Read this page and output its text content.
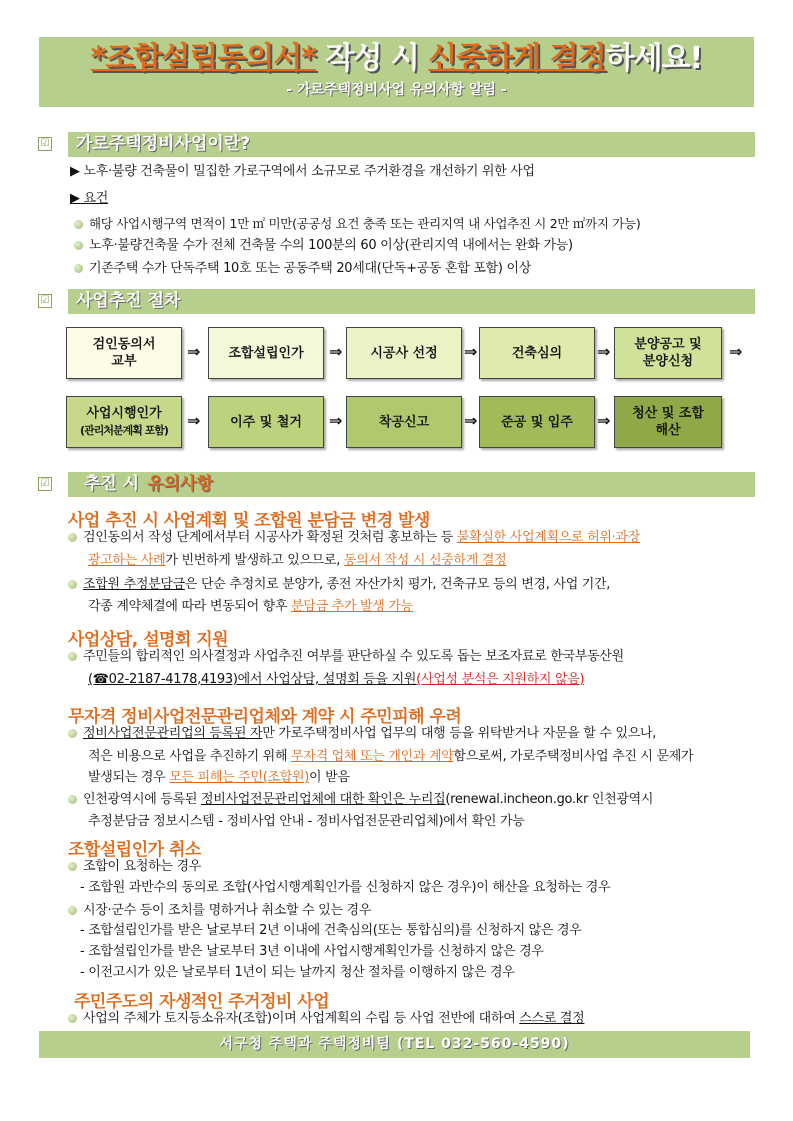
*조합설립동의서* 작성 시 신중하게 결정하세요!
- 가로주택정비사업 유의사항 알림 -
☑	가로주택정비사업이란?
▶ 노후·불량 건축물이 밀집한 가로구역에서 소규모로 주거환경을 개선하기 위한 사업
▶ 요건
해당 사업시행구역 면적이 1만 ㎡ 미만(공공성 요건 충족 또는 관리지역 내 사업추진 시 2만 ㎡까지 가능)
노후·불량건축물 수가 전체 건축물 수의 100분의 60 이상(관리지역 내에서는 완화 가능)
기존주택 수가 단독주택 10호 또는 공동주택 20세대(단독+공동 혼합 포함) 이상
☑	사업추진 절차
검인동의서
교부
⇒ 조합설립인가 ⇒ 시공사 선정 ⇒	건축심의 ⇒ 분양공고 및
분양신청
⇒
사업시행인가
(관리처분계획 포함)
⇒ 이주 및 철거 ⇒	착공신고 ⇒ 준공 및 입주 ⇒ 청산 및 조합
해산
☑	추진 시유의사항
사업 추진 시 사업계획 및 조합원 분담금 변경 발생
검인동의서 작성 단계에서부터 시공사가 확정된 것처럼 홍보하는 등 불확실한 사업계획으로 허위·과장
광고하는 사례가 빈번하게 발생하고 있으므로, 동의서 작성 시 신중하게 결정
조합원 추정분담금은 단순 추정치로 분양가, 종전 자산가치 평가, 건축규모 등의 변경, 사업 기간,
각종 계약체결에 따라 변동되어 향후 분담금 추가 발생 가능
사업상담, 설명회 지원
주민들의 합리적인 의사결정과 사업추진 여부를 판단하실 수 있도록 돕는 보조자료로 한국부동산원
(☎02-2187-4178,4193)에서 사업상담, 설명회 등을 지원(사업성 분석은 지원하지 않음)
무자격 정비사업전문관리업체와 계약 시 주민피해 우려
정비사업전문관리업의 등록된 자만 가로주택정비사업 업무의 대행 등을 위탁받거나 자문을 할 수 있으나,
적은 비용으로 사업을 추진하기 위해 무자격 업체 또는 개인과 계약함으로써, 가로주택정비사업 추진 시 문제가
발생되는 경우 모든 피해는 주민(조합원)이 받음
인천광역시에 등록된 정비사업전문관리업체에 대한 확인은 누리집(renewal.incheon.go.kr 인천광역시
추정분담금 정보시스템 - 정비사업 안내 - 정비사업전문관리업체)에서 확인 가능
조합설립인가 취소
조합이 요청하는 경우
- 조합원 과반수의 동의로 조합(사업시행계획인가를 신청하지 않은 경우)이 해산을 요청하는 경우
시장·군수 등이 조치를 명하거나 취소할 수 있는 경우
- 조합설립인가를 받은 날로부터 2년 이내에 건축심의(또는 통합심의)를 신청하지 않은 경우
- 조합설립인가를 받은 날로부터 3년 이내에 사업시행계획인가를 신청하지 않은 경우
- 이전고시가 있은 날로부터 1년이 되는 날까지 청산 절차를 이행하지 않은 경우
주민주도의 자생적인 주거정비 사업
사업의 주체가 토지등소유자(조합)이며 사업계획의 수립 등 사업 전반에 대하여 스스로 결정
서구청 주택과 주택정비팀 (TEL 032-560-4590)
